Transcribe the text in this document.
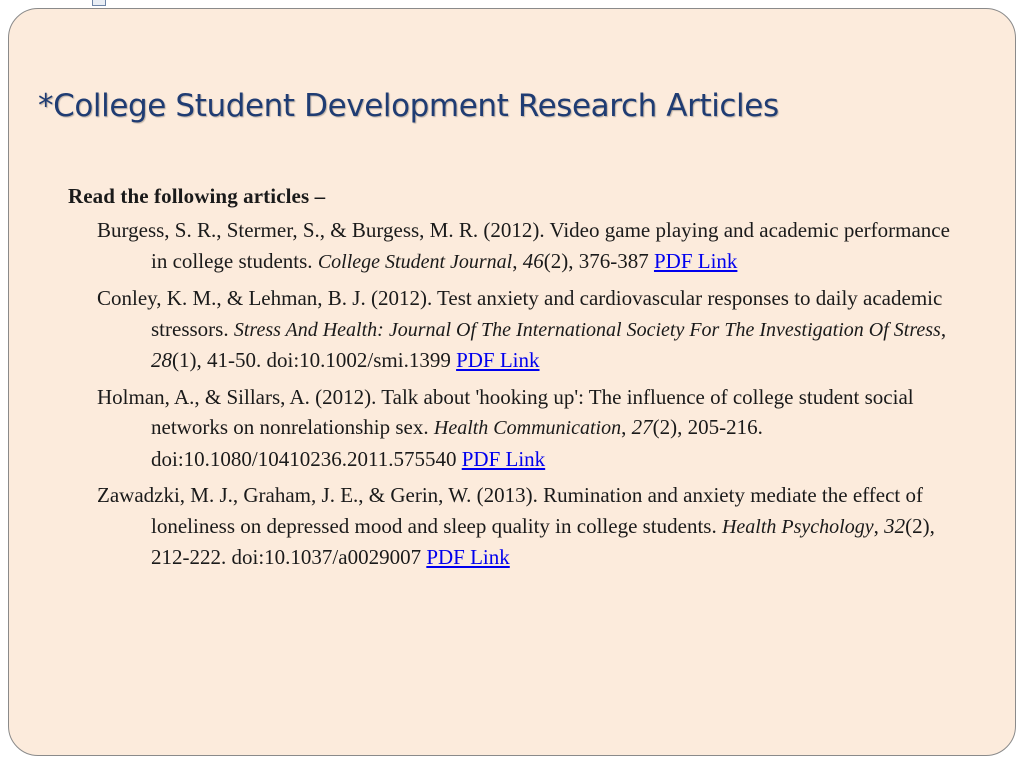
*College Student Development Research Articles

Read the following articles –

Burgess, S. R., Stermer, S., & Burgess, M. R. (2012). Video game playing and academic performance in college students. College Student Journal, 46(2), 376-387 PDF Link
Conley, K. M., & Lehman, B. J. (2012). Test anxiety and cardiovascular responses to daily academic stressors. Stress And Health: Journal Of The International Society For The Investigation Of Stress, 28(1), 41-50. doi:10.1002/smi.1399 PDF Link
Holman, A., & Sillars, A. (2012). Talk about 'hooking up': The influence of college student social networks on nonrelationship sex. Health Communication, 27(2), 205-216. doi:10.1080/10410236.2011.575540 PDF Link
Zawadzki, M. J., Graham, J. E., & Gerin, W. (2013). Rumination and anxiety mediate the effect of loneliness on depressed mood and sleep quality in college students. Health Psychology, 32(2), 212-222. doi:10.1037/a0029007 PDF Link
